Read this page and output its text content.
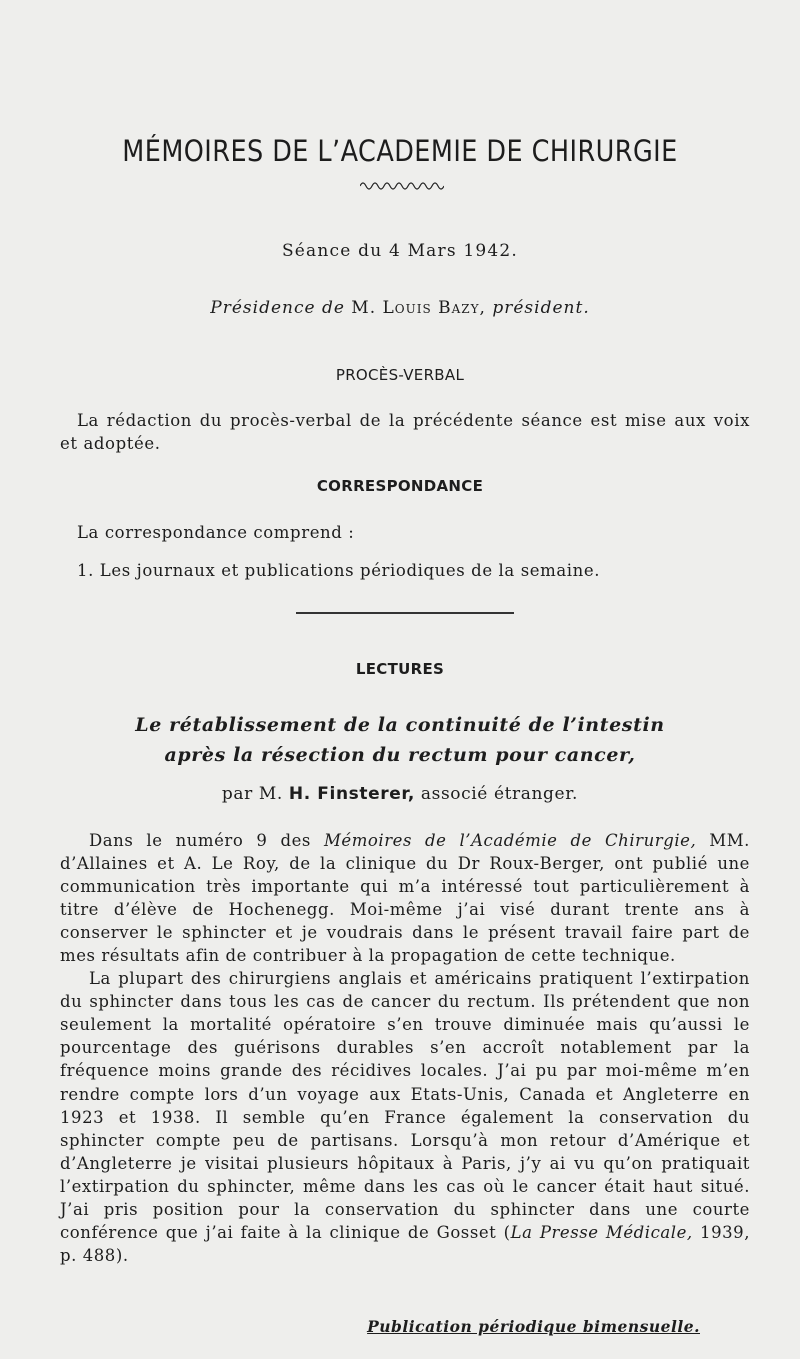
MÉMOIRES DE L’ACADEMIE DE CHIRURGIE
Séance du 4 Mars 1942.
Présidence de M. Louis Bazy, président.
PROCÈS-VERBAL
La rédaction du procès-verbal de la précédente séance est mise aux voix et adoptée.
CORRESPONDANCE
La correspondance comprend :
1. Les journaux et publications périodiques de la semaine.
LECTURES
Le rétablissement de la continuité de l’intestin
après la résection du rectum pour cancer,
par M. H. Finsterer, associé étranger.

Dans le numéro 9 des Mémoires de l’Académie de Chirurgie, MM. d’Allaines et A. Le Roy, de la clinique du Dr Roux-Berger, ont publié une communication très importante qui m’a intéressé tout particulièrement à titre d’élève de Hochenegg. Moi-même j’ai visé durant trente ans à conserver le sphincter et je voudrais dans le présent travail faire part de mes résultats afin de contribuer à la propagation de cette technique.

La plupart des chirurgiens anglais et américains pratiquent l’extirpation du sphincter dans tous les cas de cancer du rectum. Ils prétendent que non seulement la mortalité opératoire s’en trouve diminuée mais qu’aussi le pourcentage des guérisons durables s’en accroît notablement par la fréquence moins grande des récidives locales. J’ai pu par moi-même m’en rendre compte lors d’un voyage aux Etats-Unis, Canada et Angleterre en 1923 et 1938. Il semble qu’en France également la conservation du sphincter compte peu de partisans. Lorsqu’à mon retour d’Amérique et d’Angleterre je visitai plusieurs hôpitaux à Paris, j’y ai vu qu’on pratiquait l’extirpation du sphincter, même dans les cas où le cancer était haut situé. J’ai pris position pour la conservation du sphincter dans une courte conférence que j’ai faite à la clinique de Gosset (La Presse Médicale, 1939, p. 488).

Publication périodique bimensuelle.
